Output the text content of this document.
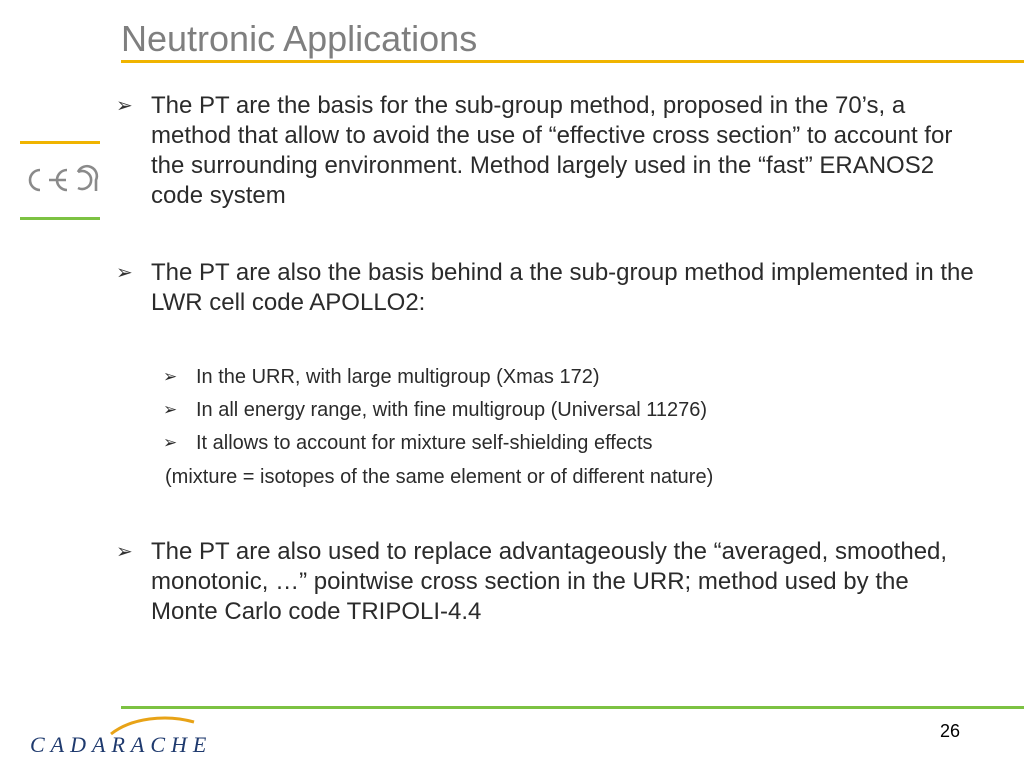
Neutronic Applications
➢ The PT are the basis for the sub-group method, proposed in the 70’s, a method that allow to avoid the use of “effective cross section” to account for the surrounding environment. Method largely used in the “fast” ERANOS2 code system
➢ The PT are also the basis behind a the sub-group method implemented in the LWR cell code APOLLO2:
➢ In the URR, with large multigroup (Xmas 172)
➢ In all energy range, with fine multigroup (Universal 11276)
➢ It allows to account for mixture self-shielding effects
(mixture = isotopes of the same element or of different nature)
➢ The PT are also used to replace advantageously the “averaged, smoothed, monotonic, …” pointwise cross section in the URR; method used by the Monte Carlo code TRIPOLI-4.4
CADARACHE
26
